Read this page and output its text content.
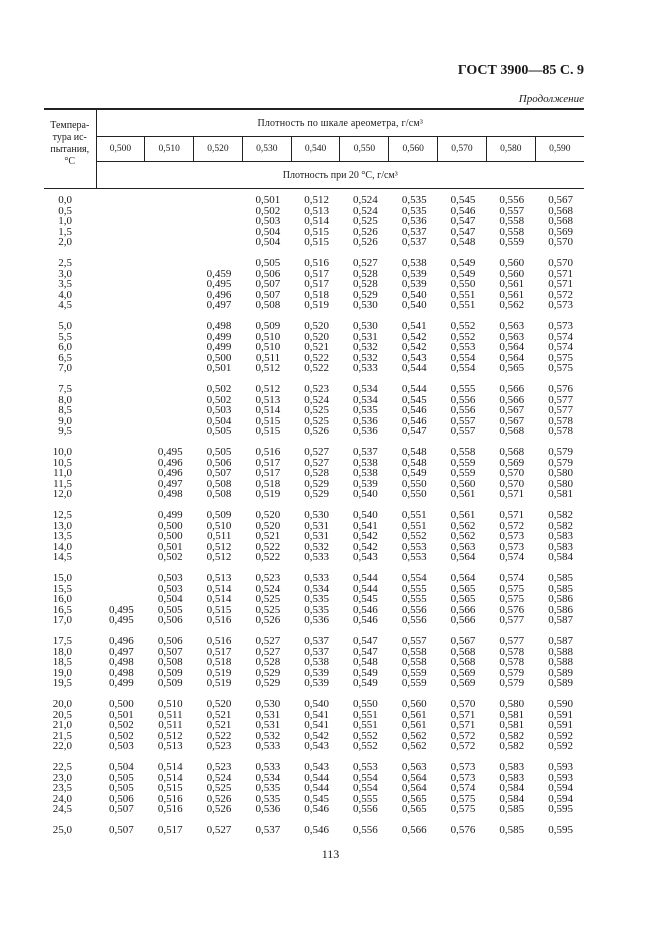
ГОСТ 3900—85 С. 9
Продолжение
Темпера-
тура ис-
пытания,
°C	Плотность по шкале ареометра, г/см³									
	0,500	0,510	0,520	0,530	0,540	0,550	0,560	0,570	0,580	0,590
	Плотность при 20 °С, г/см³									

0,0				0,501	0,512	0,524	0,535	0,545	0,556	0,567
0,5				0,502	0,513	0,524	0,535	0,546	0,557	0,568
1,0				0,503	0,514	0,525	0,536	0,547	0,558	0,568
1,5				0,504	0,515	0,526	0,537	0,547	0,558	0,569
2,0				0,504	0,515	0,526	0,537	0,548	0,559	0,570

2,5				0,505	0,516	0,527	0,538	0,549	0,560	0,570
3,0			0,459	0,506	0,517	0,528	0,539	0,549	0,560	0,571
3,5			0,495	0,507	0,517	0,528	0,539	0,550	0,561	0,571
4,0			0,496	0,507	0,518	0,529	0,540	0,551	0,561	0,572
4,5			0,497	0,508	0,519	0,530	0,540	0,551	0,562	0,573

5,0			0,498	0,509	0,520	0,530	0,541	0,552	0,563	0,573
5,5			0,499	0,510	0,520	0,531	0,542	0,552	0,563	0,574
6,0			0,499	0,510	0,521	0,532	0,542	0,553	0,564	0,574
6,5			0,500	0,511	0,522	0,532	0,543	0,554	0,564	0,575
7,0			0,501	0,512	0,522	0,533	0,544	0,554	0,565	0,575

7,5			0,502	0,512	0,523	0,534	0,544	0,555	0,566	0,576
8,0			0,502	0,513	0,524	0,534	0,545	0,556	0,566	0,577
8,5			0,503	0,514	0,525	0,535	0,546	0,556	0,567	0,577
9,0			0,504	0,515	0,525	0,536	0,546	0,557	0,567	0,578
9,5			0,505	0,515	0,526	0,536	0,547	0,557	0,568	0,578

10,0		0,495	0,505	0,516	0,527	0,537	0,548	0,558	0,568	0,579
10,5		0,496	0,506	0,517	0,527	0,538	0,548	0,559	0,569	0,579
11,0		0,496	0,507	0,517	0,528	0,538	0,549	0,559	0,570	0,580
11,5		0,497	0,508	0,518	0,529	0,539	0,550	0,560	0,570	0,580
12,0		0,498	0,508	0,519	0,529	0,540	0,550	0,561	0,571	0,581

12,5		0,499	0,509	0,520	0,530	0,540	0,551	0,561	0,571	0,582
13,0		0,500	0,510	0,520	0,531	0,541	0,551	0,562	0,572	0,582
13,5		0,500	0,511	0,521	0,531	0,542	0,552	0,562	0,573	0,583
14,0		0,501	0,512	0,522	0,532	0,542	0,553	0,563	0,573	0,583
14,5		0,502	0,512	0,522	0,533	0,543	0,553	0,564	0,574	0,584

15,0		0,503	0,513	0,523	0,533	0,544	0,554	0,564	0,574	0,585
15,5		0,503	0,514	0,524	0,534	0,544	0,555	0,565	0,575	0,585
16,0		0,504	0,514	0,525	0,535	0,545	0,555	0,565	0,575	0,586
16,5	0,495	0,505	0,515	0,525	0,535	0,546	0,556	0,566	0,576	0,586
17,0	0,495	0,506	0,516	0,526	0,536	0,546	0,556	0,566	0,577	0,587

17,5	0,496	0,506	0,516	0,527	0,537	0,547	0,557	0,567	0,577	0,587
18,0	0,497	0,507	0,517	0,527	0,537	0,547	0,558	0,568	0,578	0,588
18,5	0,498	0,508	0,518	0,528	0,538	0,548	0,558	0,568	0,578	0,588
19,0	0,498	0,509	0,519	0,529	0,539	0,549	0,559	0,569	0,579	0,589
19,5	0,499	0,509	0,519	0,529	0,539	0,549	0,559	0,569	0,579	0,589

20,0	0,500	0,510	0,520	0,530	0,540	0,550	0,560	0,570	0,580	0,590
20,5	0,501	0,511	0,521	0,531	0,541	0,551	0,561	0,571	0,581	0,591
21,0	0,502	0,511	0,521	0,531	0,541	0,551	0,561	0,571	0,581	0,591
21,5	0,502	0,512	0,522	0,532	0,542	0,552	0,562	0,572	0,582	0,592
22,0	0,503	0,513	0,523	0,533	0,543	0,552	0,562	0,572	0,582	0,592

22,5	0,504	0,514	0,523	0,533	0,543	0,553	0,563	0,573	0,583	0,593
23,0	0,505	0,514	0,524	0,534	0,544	0,554	0,564	0,573	0,583	0,593
23,5	0,505	0,515	0,525	0,535	0,544	0,554	0,564	0,574	0,584	0,594
24,0	0,506	0,516	0,526	0,535	0,545	0,555	0,565	0,575	0,584	0,594
24,5	0,507	0,516	0,526	0,536	0,546	0,556	0,565	0,575	0,585	0,595

25,0	0,507	0,517	0,527	0,537	0,546	0,556	0,566	0,576	0,585	0,595
113
